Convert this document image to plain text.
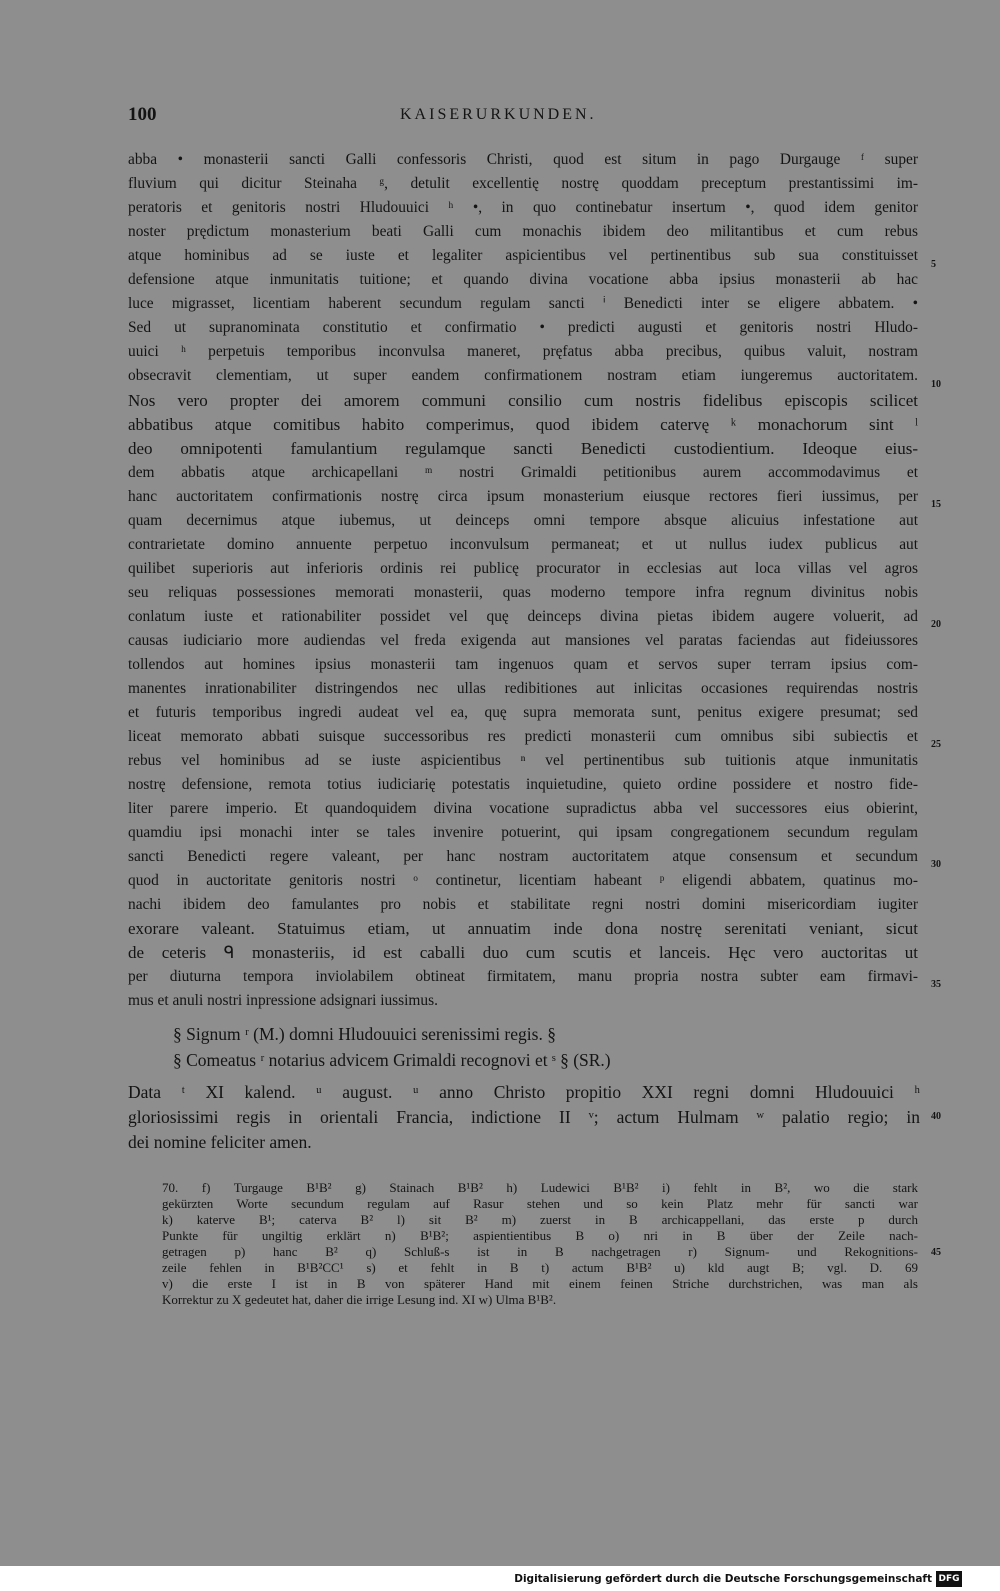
100	KAISERURKUNDEN.
abba • monasterii sancti Galli confessoris Christi, quod est situm in pago Durgauge ᶠ super
fluvium qui dicitur Steinaha ᵍ, detulit excellentię nostrę quoddam preceptum prestantissimi im-
peratoris et genitoris nostri Hludouuici ʰ •, in quo continebatur insertum •, quod idem genitor
noster prędictum monasterium beati Galli cum monachis ibidem deo militantibus et cum rebus
atque hominibus ad se iuste et legaliter aspicientibus vel pertinentibus sub sua constituisset
defensione atque inmunitatis tuitione; et quando divina vocatione abba ipsius monasterii ab hac
luce migrasset, licentiam haberent secundum regulam sancti ⁱ Benedicti inter se eligere abbatem. •
Sed ut supranominata constitutio et confirmatio • predicti augusti et genitoris nostri Hludo-
uuici ʰ perpetuis temporibus inconvulsa maneret, pręfatus abba precibus, quibus valuit, nostram
obsecravit clementiam, ut super eandem confirmationem nostram etiam iungeremus auctoritatem.
Nos vero propter dei amorem communi consilio cum nostris fidelibus episcopis scilicet
abbatibus atque comitibus habito comperimus, quod ibidem catervę ᵏ monachorum sint ˡ
deo omnipotenti famulantium regulamque sancti Benedicti custodientium. Ideoque eius-
dem abbatis atque archicapellani ᵐ nostri Grimaldi petitionibus aurem accommodavimus et
hanc auctoritatem confirmationis nostrę circa ipsum monasterium eiusque rectores fieri iussimus, per
quam decernimus atque iubemus, ut deinceps omni tempore absque alicuius infestatione aut
contrarietate domino annuente perpetuo inconvulsum permaneat; et ut nullus iudex publicus aut
quilibet superioris aut inferioris ordinis rei publicę procurator in ecclesias aut loca villas vel agros
seu reliquas possessiones memorati monasterii, quas moderno tempore infra regnum divinitus nobis
conlatum iuste et rationabiliter possidet vel quę deinceps divina pietas ibidem augere voluerit, ad
causas iudiciario more audiendas vel freda exigenda aut mansiones vel paratas faciendas aut fideiussores
tollendos aut homines ipsius monasterii tam ingenuos quam et servos super terram ipsius com-
manentes inrationabiliter distringendos nec ullas redibitiones aut inlicitas occasiones requirendas nostris
et futuris temporibus ingredi audeat vel ea, quę supra memorata sunt, penitus exigere presumat; sed
liceat memorato abbati suisque successoribus res predicti monasterii cum omnibus sibi subiectis et
rebus vel hominibus ad se iuste aspicientibus ⁿ vel pertinentibus sub tuitionis atque inmunitatis
nostrę defensione, remota totius iudiciarię potestatis inquietudine, quieto ordine possidere et nostro fide-
liter parere imperio. Et quandoquidem divina vocatione supradictus abba vel successores eius obierint,
quamdiu ipsi monachi inter se tales invenire potuerint, qui ipsam congregationem secundum regulam
sancti Benedicti regere valeant, per hanc nostram auctoritatem atque consensum et secundum
quod in auctoritate genitoris nostri ᵒ continetur, licentiam habeant ᵖ eligendi abbatem, quatinus mo-
nachi ibidem deo famulantes pro nobis et stabilitate regni nostri domini misericordiam iugiter
exorare valeant. Statuimus etiam, ut annuatim inde dona nostrę serenitati veniant, sicut
de ceteris ᑫ monasteriis, id est caballi duo cum scutis et lanceis. Hęc vero auctoritas ut
per diuturna tempora inviolabilem obtineat firmitatem, manu propria nostra subter eam firmavi-
mus et anuli nostri inpressione adsignari iussimus.
§ Signum ʳ (M.) domni Hludouuici serenissimi regis. §
§ Comeatus ʳ notarius advicem Grimaldi recognovi et ˢ § (SR.)
Data ᵗ XI kalend. ᵘ august. ᵘ anno Christo propitio XXI regni domni Hludouuici ʰ
gloriosissimi regis in orientali Francia, indictione II ᵛ; actum Hulmam ʷ palatio regio; in
dei nomine feliciter amen.
5
10
15
20
25
30
35
40
45
70. f) Turgauge B¹B² g) Stainach B¹B² h) Ludewici B¹B² i) fehlt in B², wo die stark
gekürzten Worte secundum regulam auf Rasur stehen und so kein Platz mehr für sancti war
k) katerve B¹; caterva B² l) sit B² m) zuerst in B archicappellani, das erste p durch
Punkte für ungiltig erklärt n) B¹B²; aspientientibus B o) nri in B über der Zeile nach-
getragen p) hanc B² q) Schluß-s ist in B nachgetragen r) Signum- und Rekognitions-
zeile fehlen in B¹B²CC¹ s) et fehlt in B t) actum B¹B² u) kld augt B; vgl. D. 69
v) die erste I ist in B von späterer Hand mit einem feinen Striche durchstrichen, was man als
Korrektur zu X gedeutet hat, daher die irrige Lesung ind. XI w) Ulma B¹B².
Digitalisierung gefördert durch die Deutsche Forschungsgemeinschaft DFG
